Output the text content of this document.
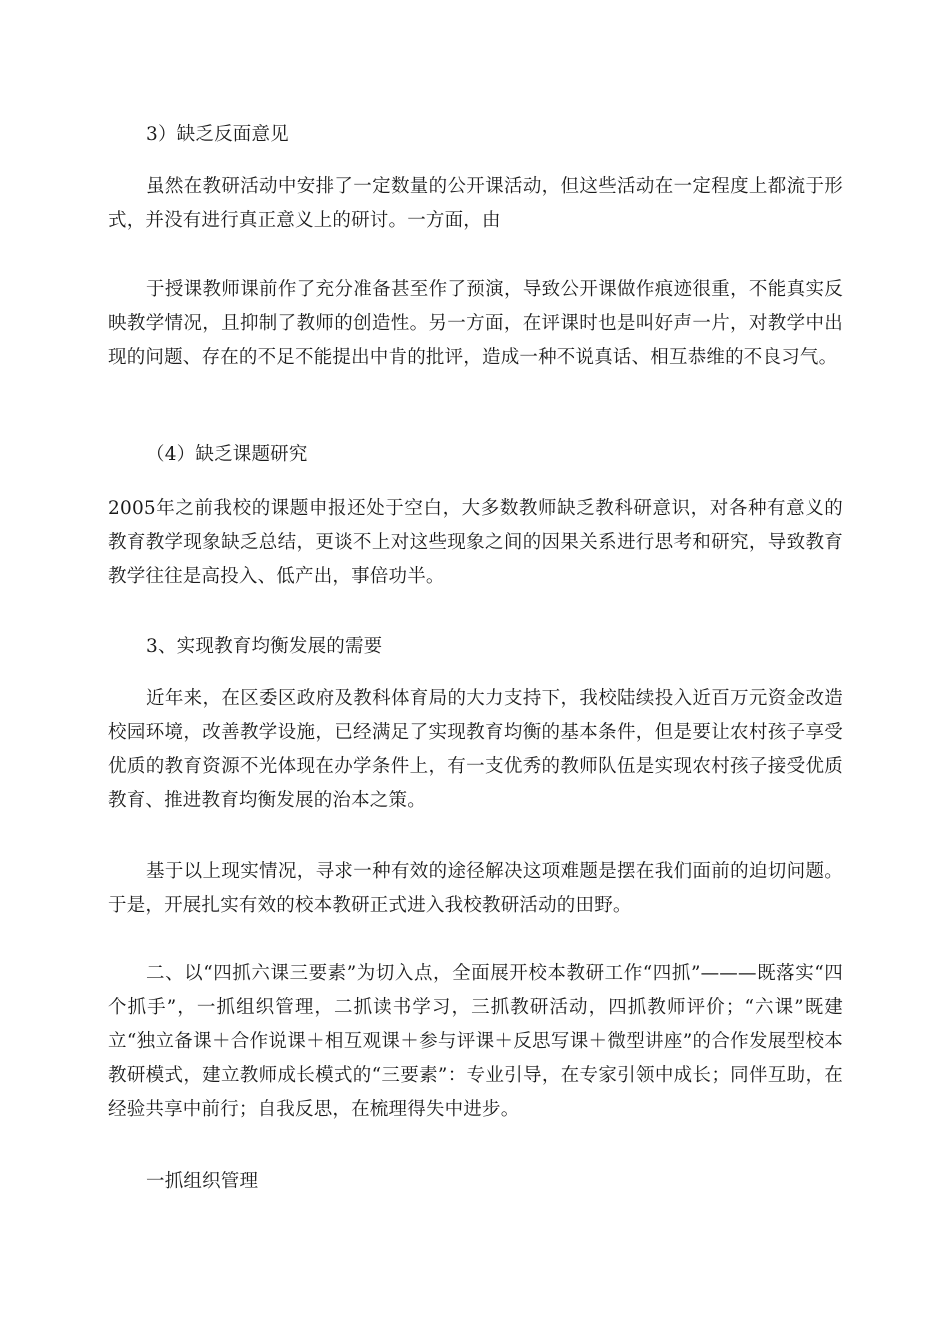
3）缺乏反面意见

虽然在教研活动中安排了一定数量的公开课活动，但这些活动在一定程度上都流于形式，并没有进行真正意义上的研讨。一方面，由

于授课教师课前作了充分准备甚至作了预演，导致公开课做作痕迹很重，不能真实反映教学情况，且抑制了教师的创造性。另一方面，在评课时也是叫好声一片，对教学中出现的问题、存在的不足不能提出中肯的批评，造成一种不说真话、相互恭维的不良习气。

（4）缺乏课题研究

2005年之前我校的课题申报还处于空白，大多数教师缺乏教科研意识，对各种有意义的教育教学现象缺乏总结，更谈不上对这些现象之间的因果关系进行思考和研究，导致教育教学往往是高投入、低产出，事倍功半。

3、实现教育均衡发展的需要

近年来，在区委区政府及教科体育局的大力支持下，我校陆续投入近百万元资金改造校园环境，改善教学设施，已经满足了实现教育均衡的基本条件，但是要让农村孩子享受优质的教育资源不光体现在办学条件上，有一支优秀的教师队伍是实现农村孩子接受优质教育、推进教育均衡发展的治本之策。

基于以上现实情况，寻求一种有效的途径解决这项难题是摆在我们面前的迫切问题。于是，开展扎实有效的校本教研正式进入我校教研活动的田野。

二、以“四抓六课三要素”为切入点，全面展开校本教研工作“四抓”———既落实“四个抓手”，一抓组织管理，二抓读书学习，三抓教研活动，四抓教师评价；“六课”既建立“独立备课＋合作说课＋相互观课＋参与评课＋反思写课＋微型讲座”的合作发展型校本教研模式，建立教师成长模式的“三要素”：专业引导，在专家引领中成长；同伴互助，在经验共享中前行；自我反思，在梳理得失中进步。

一抓组织管理
